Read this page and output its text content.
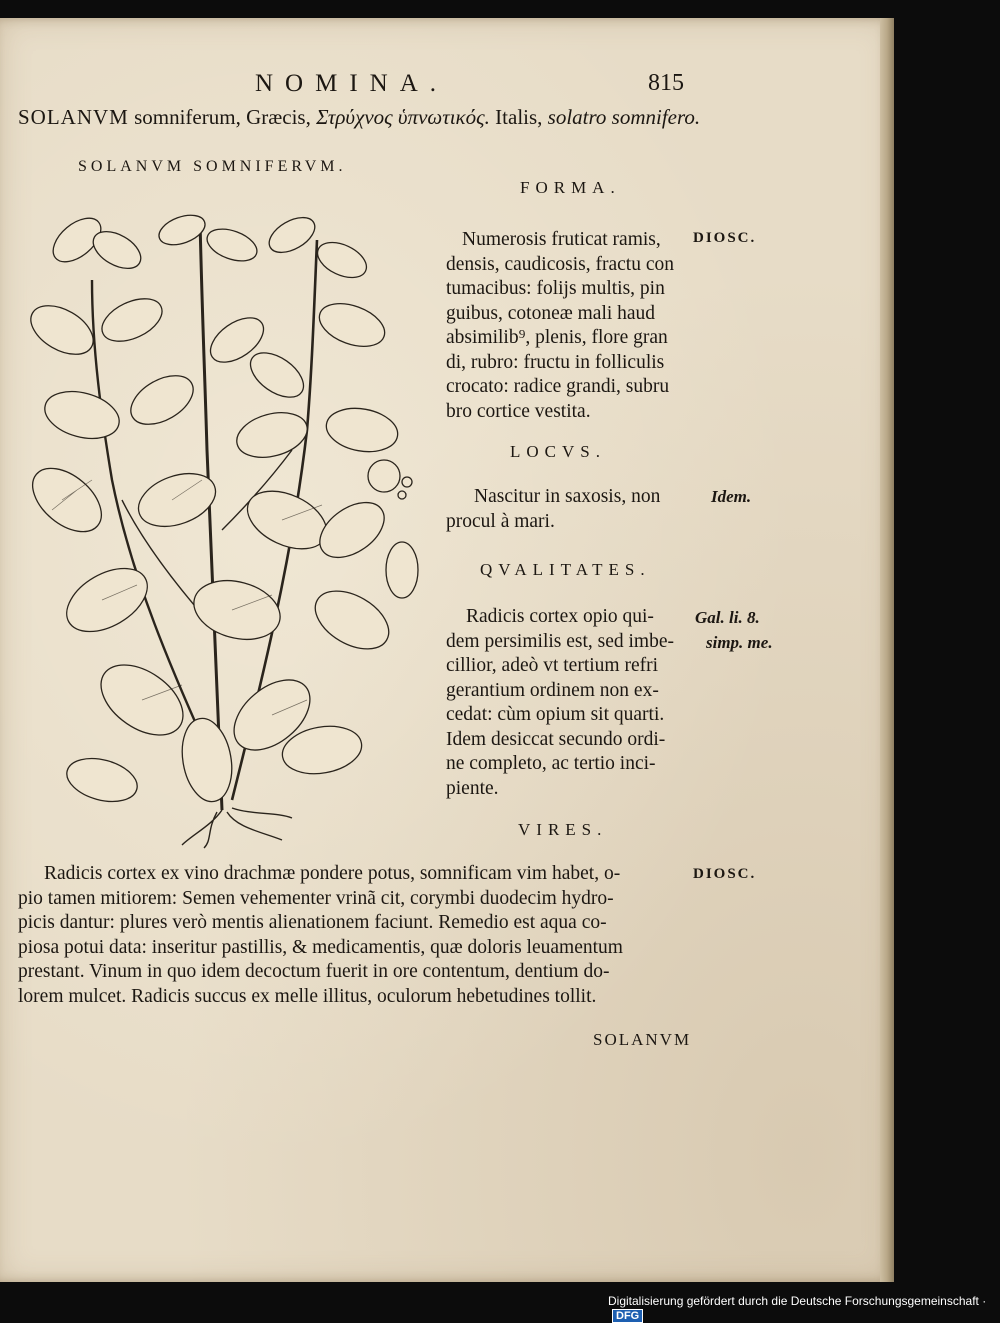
NOMINA.	815
SOLANVM somniferum, Græcis, Στρύχνος ὑπνωτικός. Italis, solatro somnifero.
SOLANVM SOMNIFERVM.
FORMA.
DIOSC.
Numerosis fruticat ramis,
densis, caudicosis, fractu con
tumacibus: folijs multis, pin
guibus, cotoneæ mali haud
absimilib⁹, plenis, flore gran
di, rubro: fructu in folliculis
crocato: radice grandi, subru
bro cortice vestita.
LOCVS.
Idem.
Nascitur in saxosis, non
procul à mari.
QVALITATES.
Gal. li. 8.
simp. me.
Radicis cortex opio qui-
dem persimilis est, sed imbe-
cillior, adeò vt tertium refri
gerantium ordinem non ex-
cedat: cùm opium sit quarti.
Idem desiccat secundo ordi-
ne completo, ac tertio inci-
piente.
VIRES.
DIOSC.
Radicis cortex ex vino drachmæ pondere potus, somnificam vim habet, o-
pio tamen mitiorem: Semen vehementer vrinã cit, corymbi duodecim hydro-
picis dantur: plures verò mentis alienationem faciunt. Remedio est aqua co-
piosa potui data: inseritur pastillis, & medicamentis, quæ doloris leuamentum
prestant. Vinum in quo idem decoctum fuerit in ore contentum, dentium do-
lorem mulcet. Radicis succus ex melle illitus, oculorum hebetudines tollit.
SOLANVM
Digitalisierung gefördert durch die Deutsche Forschungsgemeinschaft ·DFG
